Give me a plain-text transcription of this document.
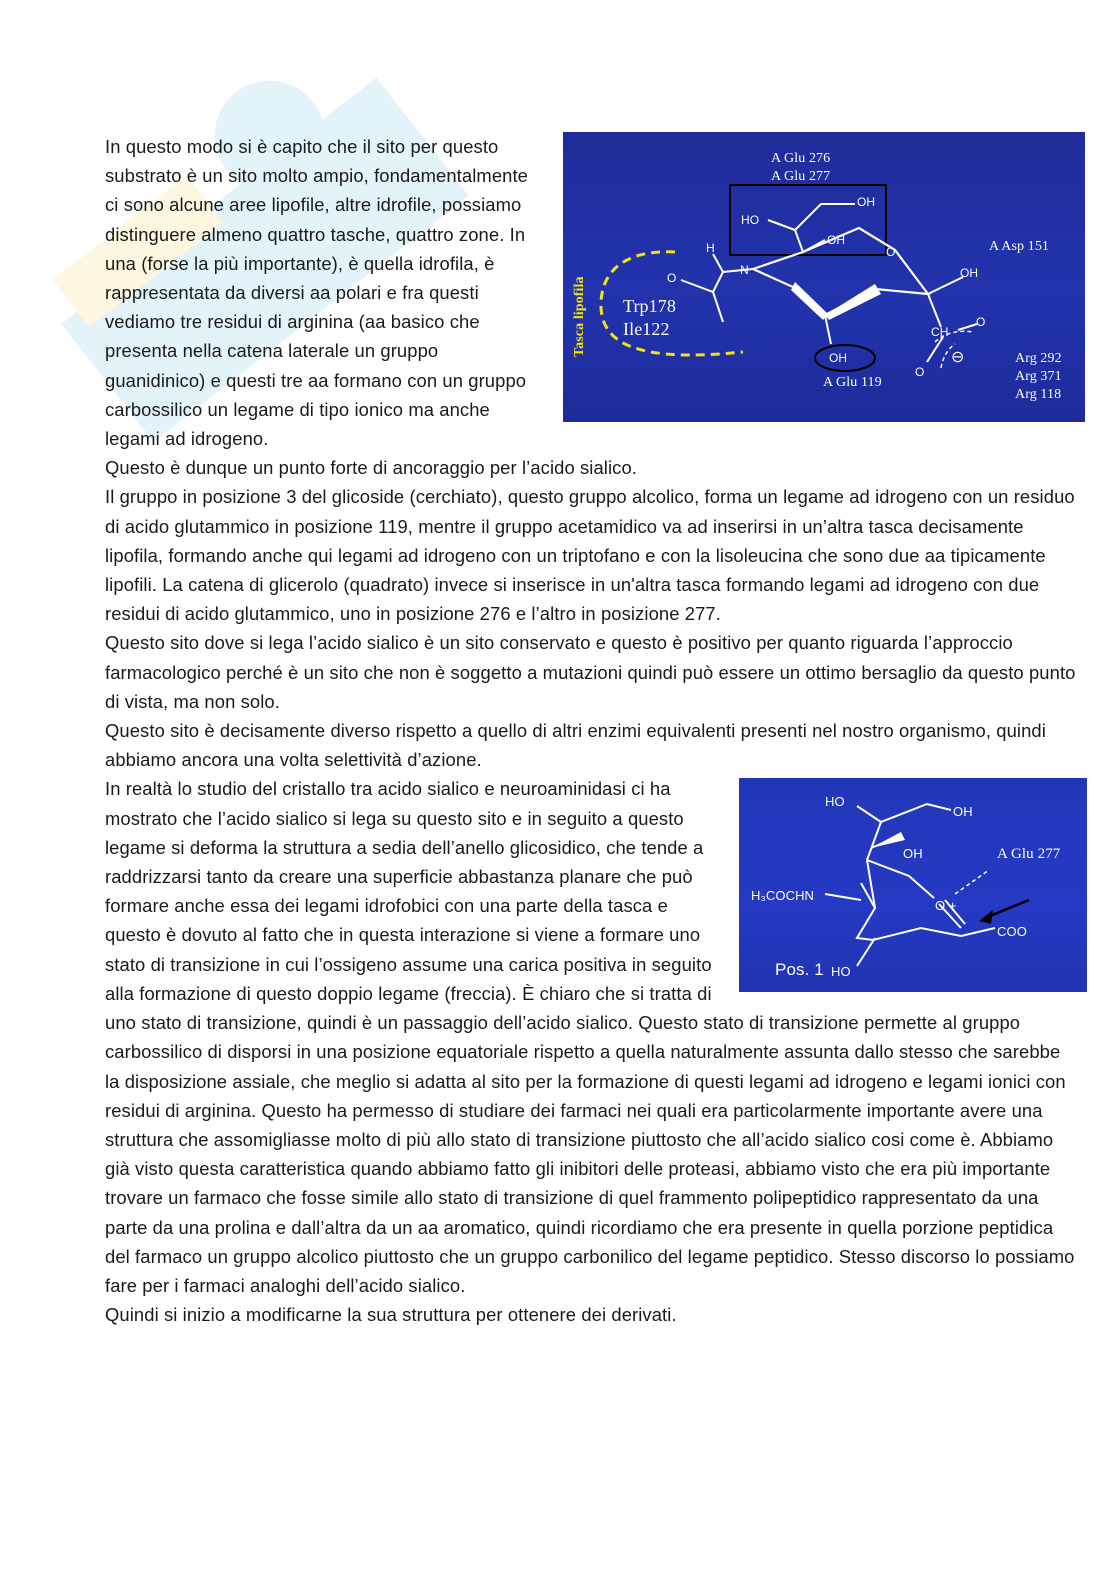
A Glu 276
A Glu 277
A Asp 151
Trp178
Ile122
A Glu 119
Arg 292
Arg 371
Arg 118
Tasca lipofila
OH
HO
OH
H
N
O
O
OH
CH
O
O
OH	⊖

In questo modo si è capito che il sito per questo substrato è un sito molto ampio, fondamentalmente ci sono alcune aree lipofile, altre idrofile, possiamo distinguere almeno quattro tasche, quattro zone. In una (forse la più importante), è quella idrofila, è rappresentata da diversi aa polari e fra questi vediamo tre residui di arginina (aa basico che presenta nella catena laterale un gruppo guanidinico) e questi tre aa formano con un gruppo carbossilico un legame di tipo ionico ma anche legami ad idrogeno.

Questo è dunque un punto forte di ancoraggio per l’acido sialico.

Il gruppo in posizione 3 del glicoside (cerchiato), questo gruppo alcolico, forma un legame ad idrogeno con un residuo di acido glutammico in posizione 119, mentre il gruppo acetamidico va ad inserirsi in un’altra tasca decisamente lipofila, formando anche qui legami ad idrogeno con un triptofano e con la lisoleucina che sono due aa tipicamente lipofili. La catena di glicerolo (quadrato) invece si inserisce in un'altra tasca formando legami ad idrogeno con due residui di acido glutammico, uno in posizione 276 e l’altro in posizione 277.

Questo sito dove si lega l’acido sialico è un sito conservato e questo è positivo per quanto riguarda l’approccio farmacologico perché è un sito che non è soggetto a mutazioni quindi può essere un ottimo bersaglio da questo punto di vista, ma non solo.

Questo sito è decisamente diverso rispetto a quello di altri enzimi equivalenti presenti nel nostro organismo, quindi abbiamo ancora una volta selettività d’azione.

HO
OH
OH
H₃COCHN
O +
COO
HO
A Glu 277
Pos. 1

In realtà lo studio del cristallo tra acido sialico e neuroaminidasi ci ha mostrato che l’acido sialico si lega su questo sito e in seguito a questo legame si deforma la struttura a sedia dell’anello glicosidico, che tende a raddrizzarsi tanto da creare una superficie abbastanza planare che può formare anche essa dei legami idrofobici con una parte della tasca e questo è dovuto al fatto che in questa interazione si viene a formare uno stato di transizione in cui l’ossigeno assume una carica positiva in seguito alla formazione di questo doppio legame (freccia). È chiaro che si tratta di uno stato di transizione, quindi è un passaggio dell’acido sialico. Questo stato di transizione permette al gruppo carbossilico di disporsi in una posizione equatoriale rispetto a quella naturalmente assunta dallo stesso che sarebbe la disposizione assiale, che meglio si adatta al sito per la formazione di questi legami ad idrogeno e legami ionici con residui di arginina. Questo ha permesso di studiare dei farmaci nei quali era particolarmente importante avere una struttura che assomigliasse molto di più allo stato di transizione piuttosto che all’acido sialico cosi come è. Abbiamo già visto questa caratteristica quando abbiamo fatto gli inibitori delle proteasi, abbiamo visto che era più importante trovare un farmaco che fosse simile allo stato di transizione di quel frammento polipeptidico rappresentato da una parte da una prolina e dall’altra da un aa aromatico, quindi ricordiamo che era presente in quella porzione peptidica del farmaco un gruppo alcolico piuttosto che un gruppo carbonilico del legame peptidico. Stesso discorso lo possiamo fare per i farmaci analoghi dell’acido sialico.

Quindi si inizio a modificarne la sua struttura per ottenere dei derivati.
